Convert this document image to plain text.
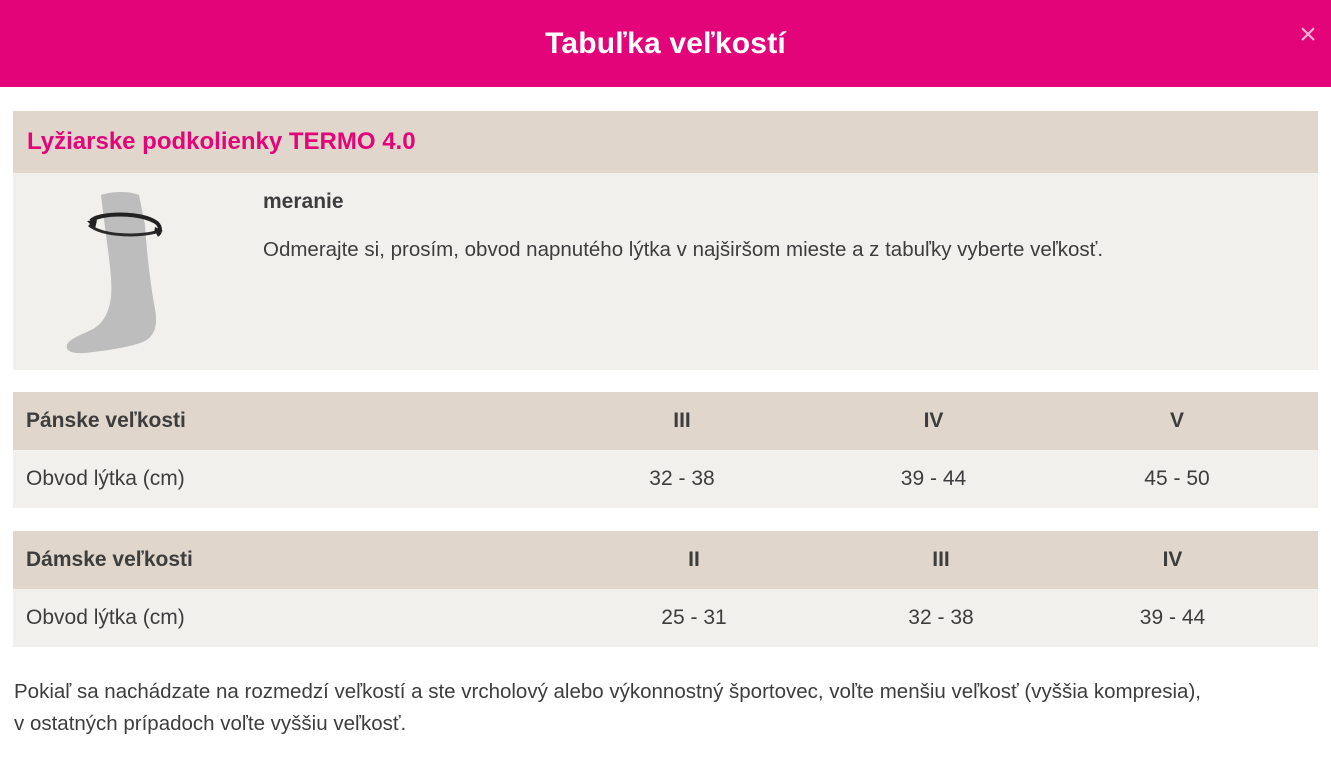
Tabuľka veľkostí	×
Lyžiarske podkolienky TERMO 4.0
meranie
Odmerajte si, prosím, obvod napnutého lýtka v najširšom mieste a z tabuľky vyberte veľkosť.
Pánske veľkosti	III	IV	V
Obvod lýtka (cm)	32 - 38	39 - 44	45 - 50
Dámske veľkosti	II	III	IV
Obvod lýtka (cm)	25 - 31	32 - 38	39 - 44
Pokiaľ sa nachádzate na rozmedzí veľkostí a ste vrcholový alebo výkonnostný športovec, voľte menšiu veľkosť (vyššia kompresia),
v ostatných prípadoch voľte vyššiu veľkosť.
